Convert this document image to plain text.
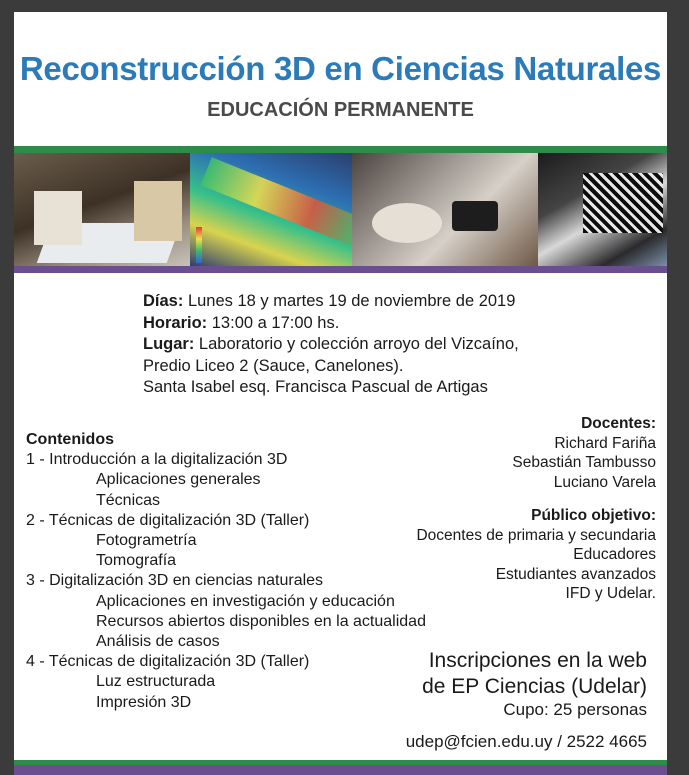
Reconstrucción 3D en Ciencias Naturales
EDUCACIÓN PERMANENTE
Días: Lunes 18 y martes 19 de noviembre de 2019
Horario: 13:00 a 17:00 hs.
Lugar: Laboratorio y colección arroyo del Vizcaíno,
Predio Liceo 2 (Sauce, Canelones).
Santa Isabel esq. Francisca Pascual de Artigas
Contenidos
1 - Introducción a la digitalización 3D
Aplicaciones generales
Técnicas
2 - Técnicas de digitalización 3D (Taller)
Fotogrametría
Tomografía
3 - Digitalización 3D en ciencias naturales
Aplicaciones en investigación y educación
Recursos abiertos disponibles en la actualidad
Análisis de casos
4 - Técnicas de digitalización 3D (Taller)
Luz estructurada
Impresión 3D
Docentes:
Richard Fariña
Sebastián Tambusso
Luciano Varela
Público objetivo:
Docentes de primaria y secundaria
Educadores
Estudiantes avanzados
IFD y Udelar.
Inscripciones en la web
de EP Ciencias (Udelar)
Cupo: 25 personas
udep@fcien.edu.uy / 2522 4665
